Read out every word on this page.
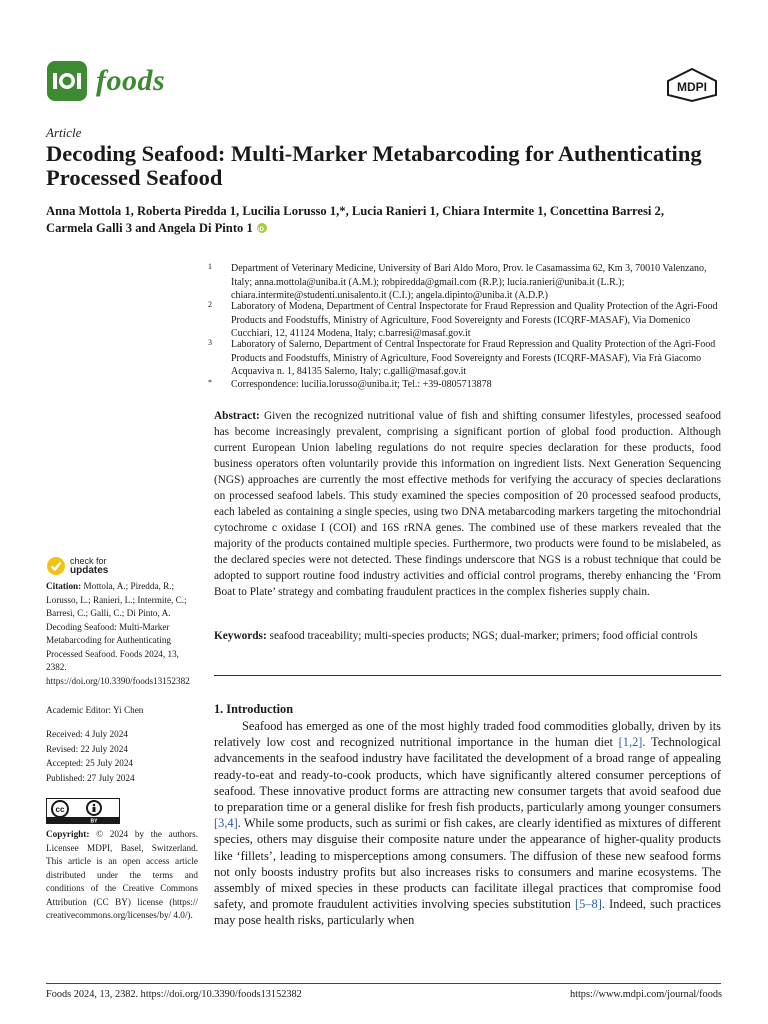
foods	MDPI
Article
Decoding Seafood: Multi-Marker Metabarcoding for Authenticating Processed Seafood
Anna Mottola 1, Roberta Piredda 1, Lucilia Lorusso 1,*, Lucia Ranieri 1, Chiara Intermite 1, Concettina Barresi 2,
Carmela Galli 3 and Angela Di Pinto 1 iD
1 Department of Veterinary Medicine, University of Bari Aldo Moro, Prov. le Casamassima 62, Km 3, 70010 Valenzano, Italy; anna.mottola@uniba.it (A.M.); robpiredda@gmail.com (R.P.); lucia.ranieri@uniba.it (L.R.); chiara.intermite@studenti.unisalento.it (C.I.); angela.dipinto@uniba.it (A.D.P.)
2 Laboratory of Modena, Department of Central Inspectorate for Fraud Repression and Quality Protection of the Agri-Food Products and Foodstuffs, Ministry of Agriculture, Food Sovereignty and Forests (ICQRF-MASAF), Via Domenico Cucchiari, 12, 41124 Modena, Italy; c.barresi@masaf.gov.it
3 Laboratory of Salerno, Department of Central Inspectorate for Fraud Repression and Quality Protection of the Agri-Food Products and Foodstuffs, Ministry of Agriculture, Food Sovereignty and Forests (ICQRF-MASAF), Via Frà Giacomo Acquaviva n. 1, 84135 Salerno, Italy; c.galli@masaf.gov.it
* Correspondence: lucilia.lorusso@uniba.it; Tel.: +39-0805713878
Abstract: Given the recognized nutritional value of fish and shifting consumer lifestyles, processed seafood has become increasingly prevalent, comprising a significant portion of global food production. Although current European Union labeling regulations do not require species declaration for these products, food business operators often voluntarily provide this information on ingredient lists. Next Generation Sequencing (NGS) approaches are currently the most effective methods for verifying the accuracy of species declarations on processed seafood labels. This study examined the species composition of 20 processed seafood products, each labeled as containing a single species, using two DNA metabarcoding markers targeting the mitochondrial cytochrome c oxidase I (COI) and 16S rRNA genes. The combined use of these markers revealed that the majority of the products contained multiple species. Furthermore, two products were found to be mislabeled, as the declared species were not detected. These findings underscore that NGS is a robust technique that could be adopted to support routine food industry activities and official control programs, thereby enhancing the ‘From Boat to Plate’ strategy and combating fraudulent practices in the complex fisheries supply chain.
Keywords: seafood traceability; multi-species products; NGS; dual-marker; primers; food official controls
check for
updates
Citation: Mottola, A.; Piredda, R.; Lorusso, L.; Ranieri, L.; Intermite, C.; Barresi, C.; Galli, C.; Di Pinto, A. Decoding Seafood: Multi-Marker Metabarcoding for Authenticating Processed Seafood. Foods 2024, 13, 2382. https://doi.org/10.3390/foods13152382
Academic Editor: Yi Chen
Received: 4 July 2024
Revised: 22 July 2024
Accepted: 25 July 2024
Published: 27 July 2024
cc
BY
Copyright: © 2024 by the authors. Licensee MDPI, Basel, Switzerland. This article is an open access article distributed under the terms and conditions of the Creative Commons Attribution (CC BY) license (https:// creativecommons.org/licenses/by/ 4.0/).
1. Introduction
Seafood has emerged as one of the most highly traded food commodities globally, driven by its relatively low cost and recognized nutritional importance in the human diet [1,2]. Technological advancements in the seafood industry have facilitated the development of a broad range of appealing ready-to-eat and ready-to-cook products, which have significantly altered consumer perceptions of seafood. These innovative product forms are attracting new consumer targets that avoid seafood due to preparation time or a general dislike for fresh fish products, particularly among younger consumers [3,4]. While some products, such as surimi or fish cakes, are clearly identified as mixtures of different species, others may disguise their composite nature under the appearance of higher-quality products like ‘fillets’, leading to misperceptions among consumers. The diffusion of these new seafood forms not only boosts industry profits but also increases risks to consumers and marine ecosystems. The assembly of mixed species in these products can facilitate illegal practices that compromise food safety, and promote fraudulent activities involving species substitution [5–8]. Indeed, such practices may pose health risks, particularly when
Foods 2024, 13, 2382. https://doi.org/10.3390/foods13152382	https://www.mdpi.com/journal/foods
